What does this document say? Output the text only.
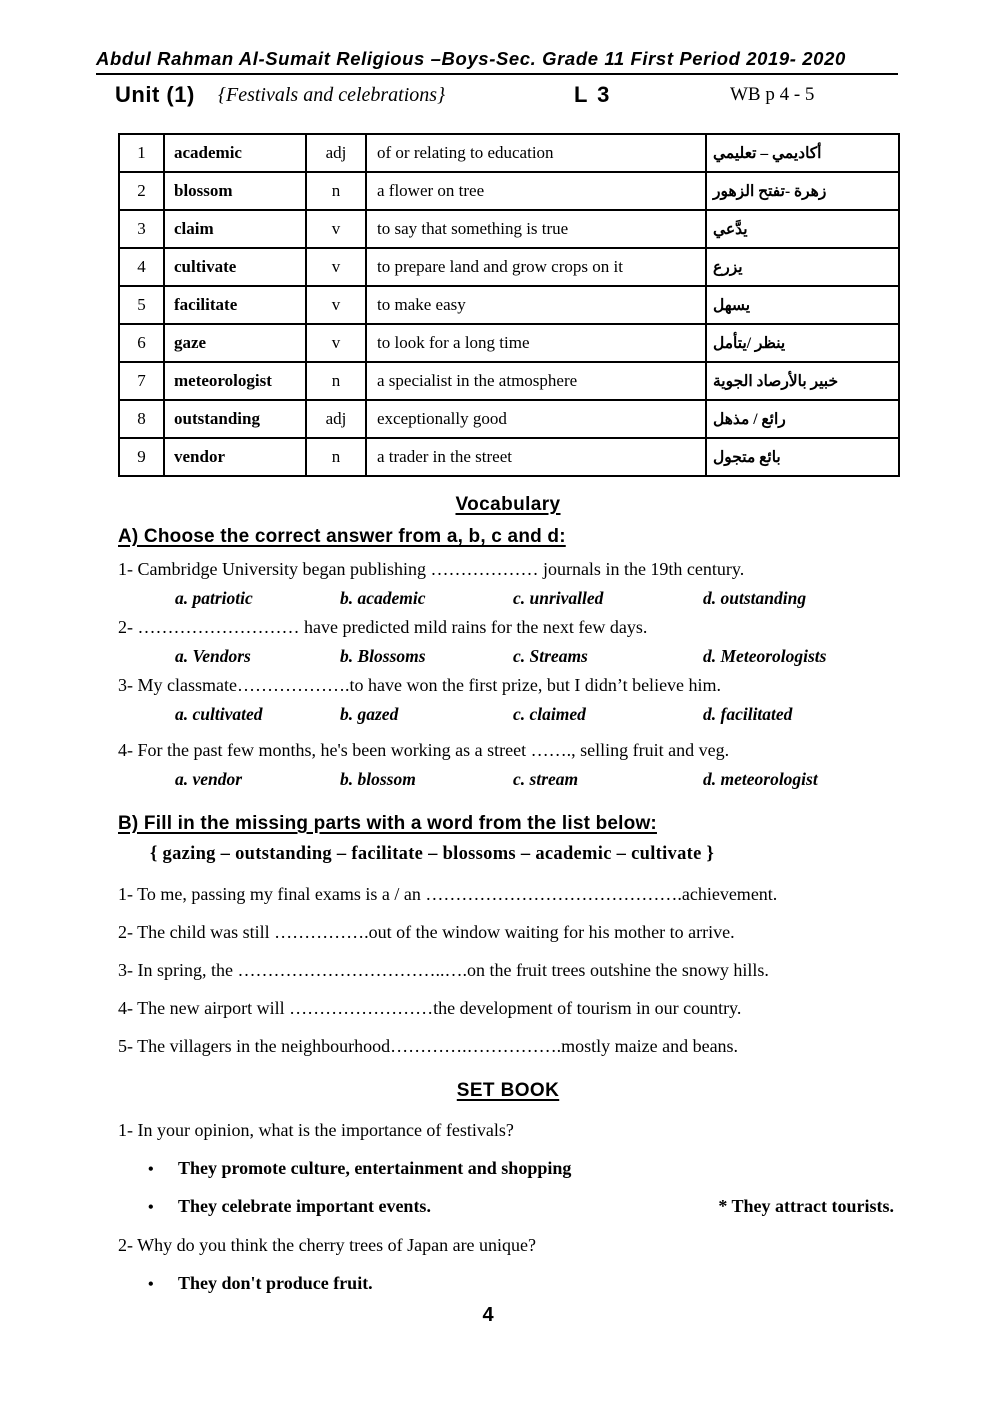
Abdul Rahman Al-Sumait Religious –Boys-Sec. Grade 11 First Period 2019- 2020
Unit (1) {Festivals and celebrations}	L 3	WB p 4 - 5
1	academic	adj	of or relating to education	أكاديمي – تعليمي
2	blossom	n	a flower on tree	زهرة -تفتح الزهور
3	claim	v	to say that something is true	يدَّعي
4	cultivate	v	to prepare land and grow crops on it	يزرع
5	facilitate	v	to make easy	يسهل
6	gaze	v	to look for a long time	ينظر /يتأمل
7	meteorologist	n	a specialist in the atmosphere	خبير بالأرصاد الجوية
8	outstanding	adj	exceptionally good	رائع / مذهل
9	vendor	n	a trader in the street	بائع متجول
Vocabulary
A) Choose the correct answer from a, b, c and d:
1- Cambridge University began publishing ……………… journals in the 19th century.
a. patriotic	b. academic	c. unrivalled	d. outstanding
2- ……………………… have predicted mild rains for the next few days.
a. Vendors	b. Blossoms	c. Streams	d. Meteorologists
3- My classmate……………….to have won the first prize, but I didn’t believe him.
a. cultivated	b. gazed	c. claimed	d. facilitated
4- For the past few months, he's been working as a street ……., selling fruit and veg.
a. vendor	b. blossom	c. stream	d. meteorologist
B) Fill in the missing parts with a word from the list below:
{ gazing – outstanding – facilitate – blossoms – academic – cultivate }
1- To me, passing my final exams is a / an …………………………………….achievement.
2- The child was still …………….out of the window waiting for his mother to arrive.
3- In spring, the ……………………………..….on the fruit trees outshine the snowy hills.
4- The new airport will ……………………the development of tourism in our country.
5- The villagers in the neighbourhood………….…………….mostly maize and beans.
SET BOOK
1- In your opinion, what is the importance of festivals?
•	They promote culture, entertainment and shopping
•	They celebrate important events.	* They attract tourists.
2- Why do you think the cherry trees of Japan are unique?
•	They don't produce fruit.
4
